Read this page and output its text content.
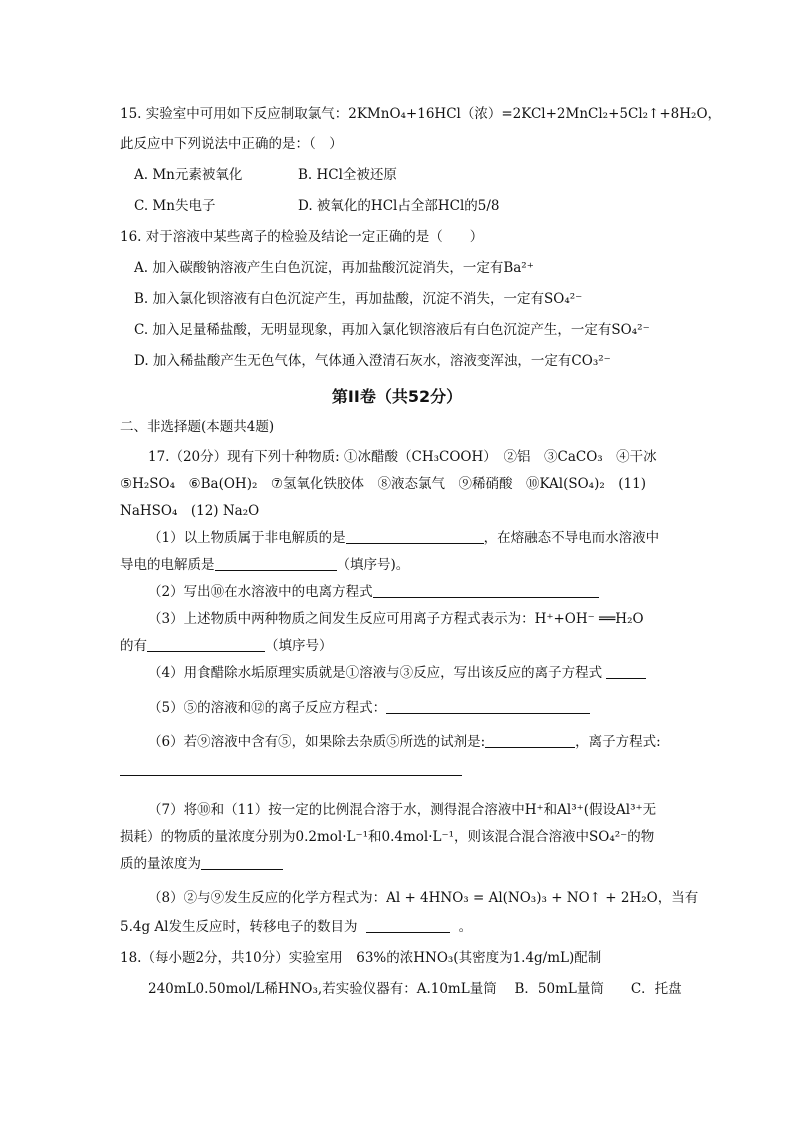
15. 实验室中可用如下反应制取氯气：2KMnO₄+16HCl（浓）=2KCl+2MnCl₂+5Cl₂↑+8H₂O，
此反应中下列说法中正确的是：（　）
A. Mn元素被氧化	B. HCl全被还原
C. Mn失电子	D. 被氧化的HCl占全部HCl的5/8
16. 对于溶液中某些离子的检验及结论一定正确的是（　　）
A. 加入碳酸钠溶液产生白色沉淀，再加盐酸沉淀消失，一定有Ba²⁺
B. 加入氯化钡溶液有白色沉淀产生，再加盐酸，沉淀不消失，一定有SO₄²⁻
C. 加入足量稀盐酸，无明显现象，再加入氯化钡溶液后有白色沉淀产生，一定有SO₄²⁻
D. 加入稀盐酸产生无色气体，气体通入澄清石灰水，溶液变浑浊，一定有CO₃²⁻
第II卷（共52分）
二、非选择题(本题共4题)
17.（20分）现有下列十种物质: ①冰醋酸（CH₃COOH）　②铝　③CaCO₃　④干冰
⑤H₂SO₄　⑥Ba(OH)₂　⑦氢氧化铁胶体　⑧液态氯气　⑨稀硝酸　⑩KAl(SO₄)₂　(11)
NaHSO₄　(12) Na₂O
（1）以上物质属于非电解质的是	，在熔融态不导电而水溶液中
导电的电解质是	（填序号)。
（2）写出⑩在水溶液中的电离方程式
（3）上述物质中两种物质之间发生反应可用离子方程式表示为：H⁺+OH⁻ ══H₂O
的有	（填序号）
（4）用食醋除水垢原理实质就是①溶液与③反应，写出该反应的离子方程式
（5）⑤的溶液和⑫的离子反应方程式：
（6）若⑨溶液中含有⑤，如果除去杂质⑤所选的试剂是:	，离子方程式:
（7）将⑩和（11）按一定的比例混合溶于水，测得混合溶液中H⁺和Al³⁺(假设Al³⁺无
损耗）的物质的量浓度分别为0.2mol·L⁻¹和0.4mol·L⁻¹，则该混合混合溶液中SO₄²⁻的物
质的量浓度为
（8）②与⑨发生反应的化学方程式为：Al + 4HNO₃ = Al(NO₃)₃ + NO↑ + 2H₂O，当有
5.4g Al发生反应时，转移电子的数目为	。
18.（每小题2分，共10分）实验室用　63%的浓HNO₃(其密度为1.4g/mL)配制
240mL0.50mol/L稀HNO₃,若实验仪器有：A.10mL量筒　 B．50mL量筒　　C．托盘
